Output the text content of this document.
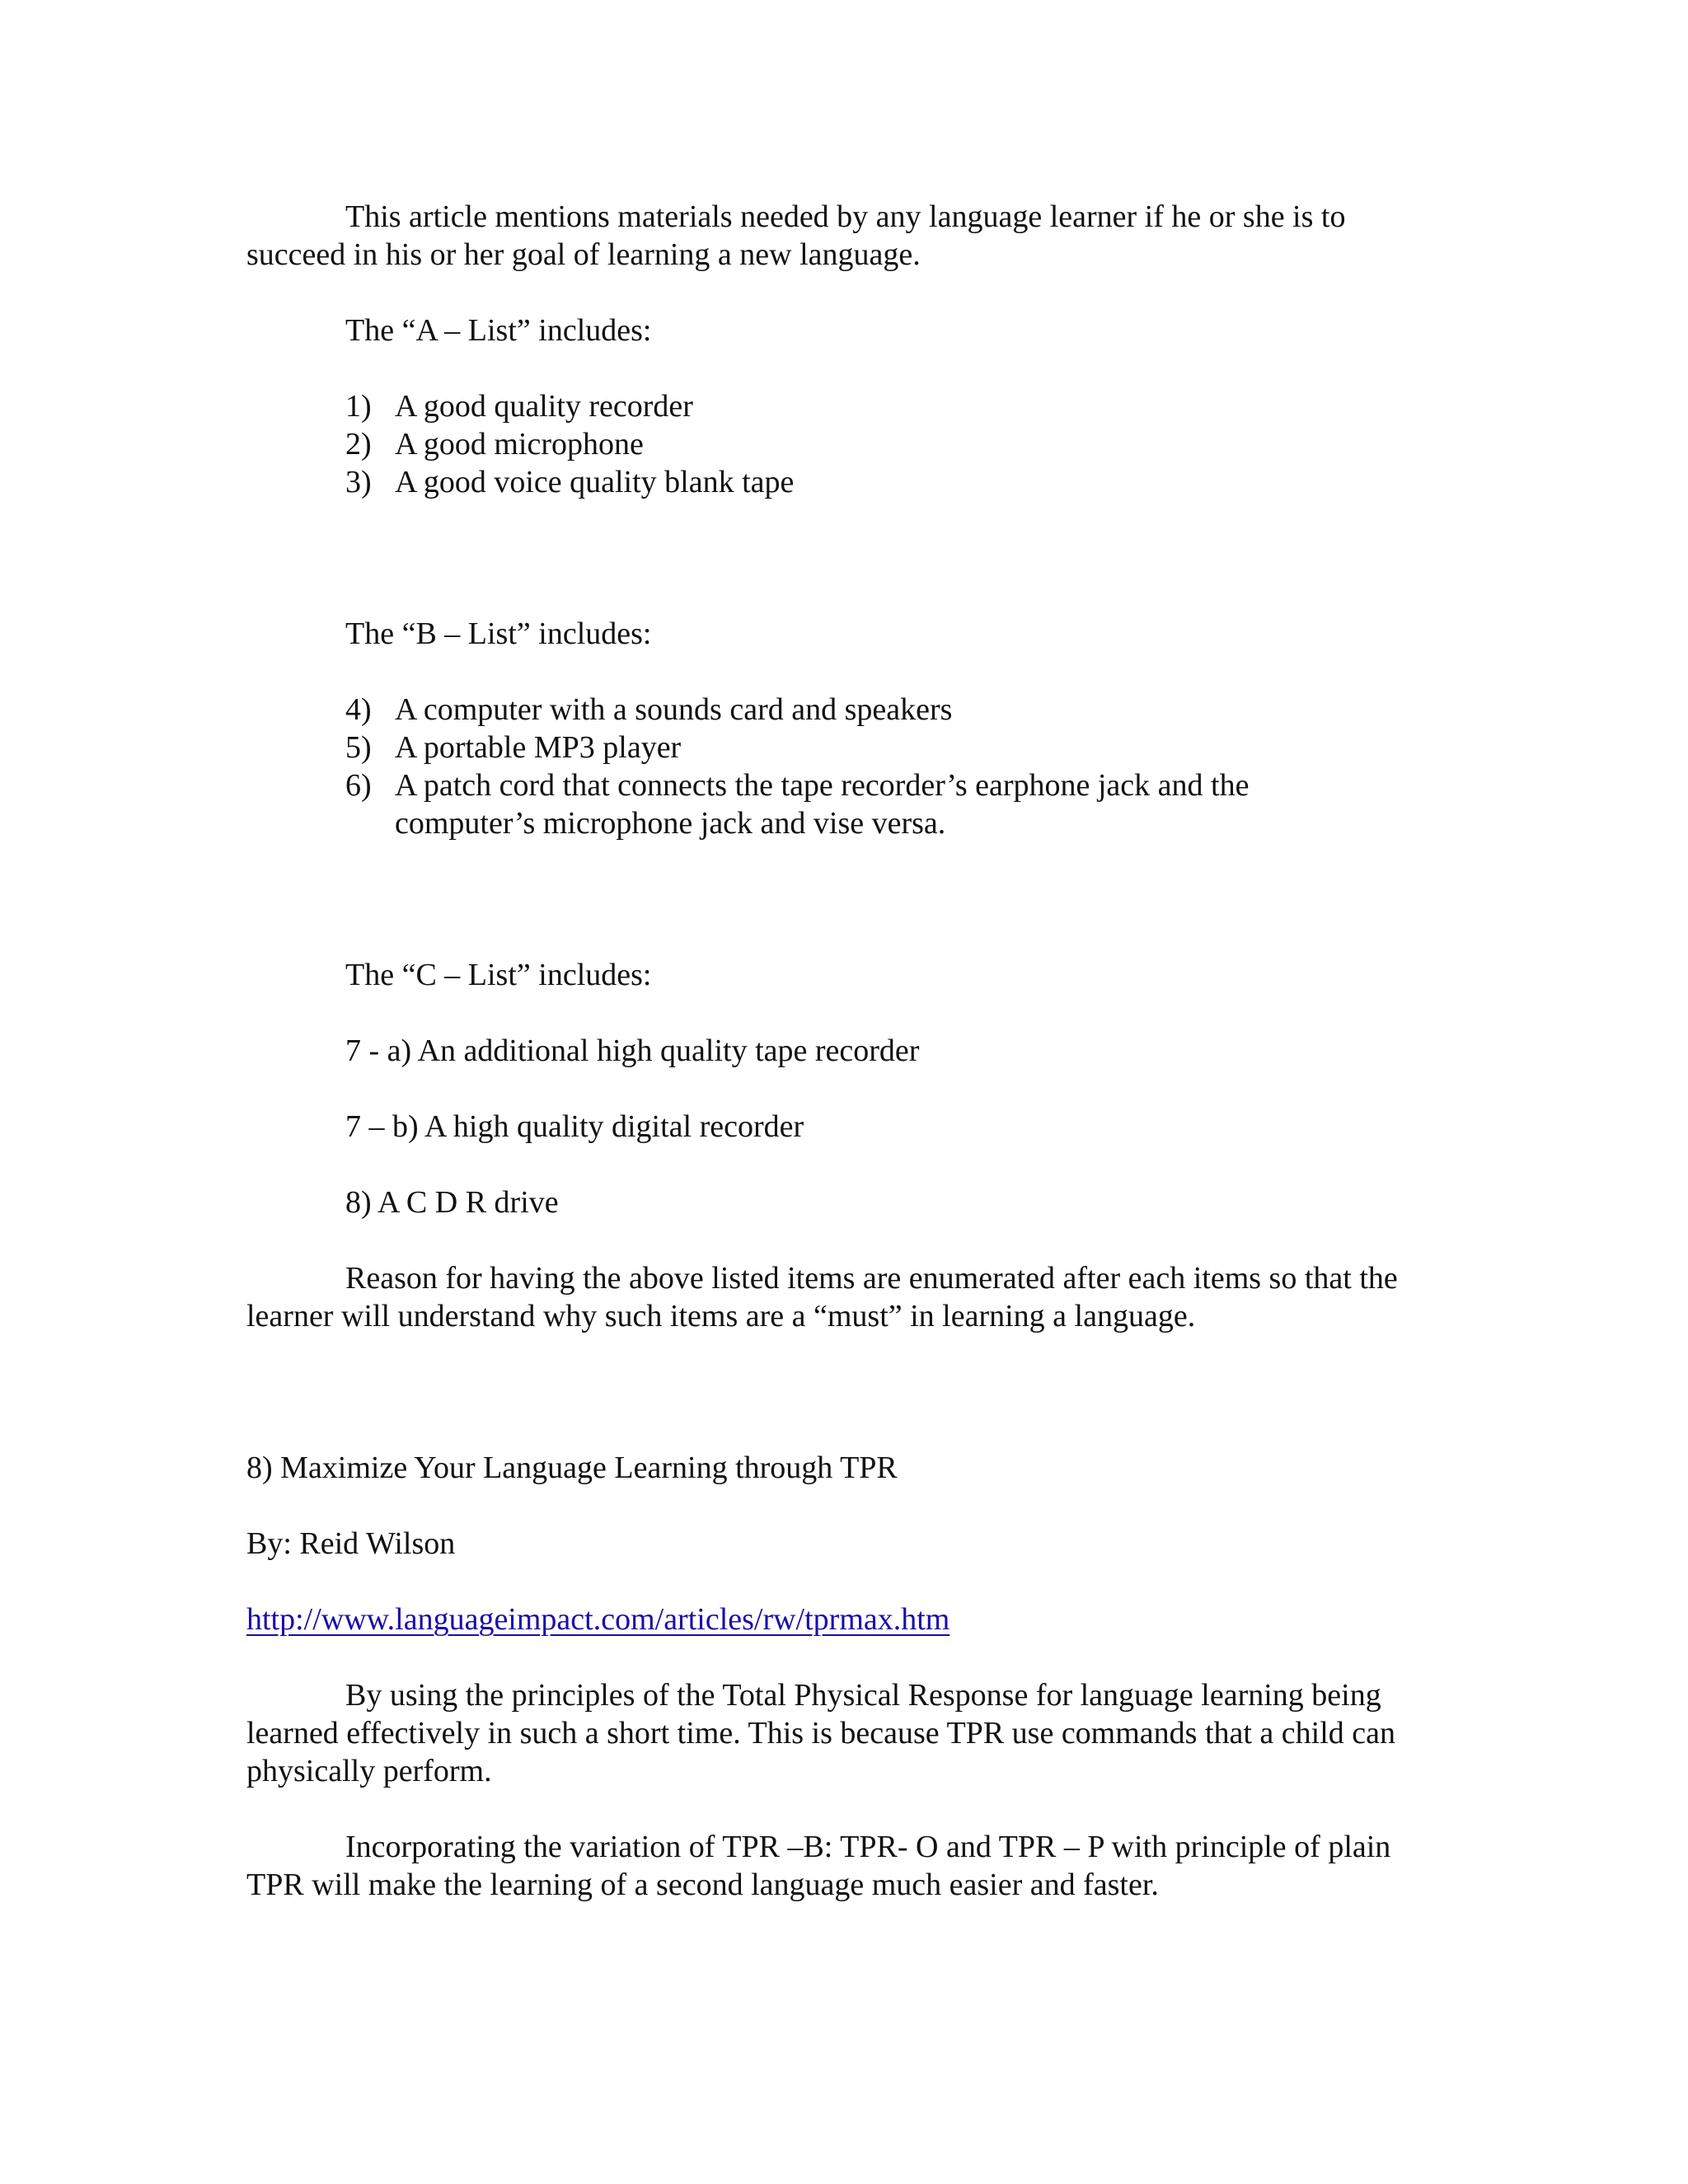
This article mentions materials needed by any language learner if he or she is to succeed in his or her goal of learning a new language.

The “A – List” includes:

1) A good quality recorder
2) A good microphone
3) A good voice quality blank tape

The “B – List” includes:

4) A computer with a sounds card and speakers
5) A portable MP3 player
6) A patch cord that connects the tape recorder’s earphone jack and the computer’s microphone jack and vise versa.

The “C – List” includes:

7 - a) An additional high quality tape recorder

7 – b) A high quality digital recorder

8) A C D R drive

Reason for having the above listed items are enumerated after each items so that the learner will understand why such items are a “must” in learning a language.

8) Maximize Your Language Learning through TPR

By: Reid Wilson

http://www.languageimpact.com/articles/rw/tprmax.htm

By using the principles of the Total Physical Response for language learning being learned effectively in such a short time. This is because TPR use commands that a child can physically perform.

Incorporating the variation of TPR –B: TPR- O and TPR – P with principle of plain TPR will make the learning of a second language much easier and faster.
